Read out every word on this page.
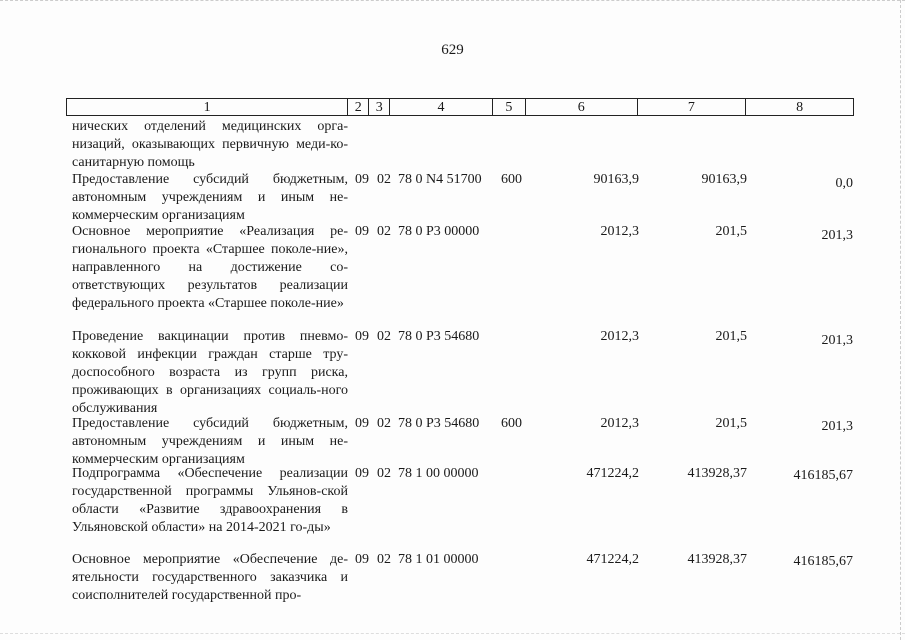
629
1	2 3	4	5	6	7	8
нических отделений медицинских орга-низаций, оказывающих первичную меди-ко-санитарную помощь
Предоставление субсидий бюджетным, автономным учреждениям и иным не-коммерческим организациям
09 02 78 0 N4 51700 600	90163,9	90163,9	0,0
Основное мероприятие «Реализация ре-гионального проекта «Старшее поколе-ние», направленного на достижение со-ответствующих результатов реализации федерального проекта «Старшее поколе-ние»
09 02 78 0 P3 00000	2012,3	201,5	201,3
Проведение вакцинации против пневмо-кокковой инфекции граждан старше тру-доспособного возраста из групп риска, проживающих в организациях социаль-ного обслуживания
09 02 78 0 P3 54680	2012,3	201,5	201,3
Предоставление субсидий бюджетным, автономным учреждениям и иным не-коммерческим организациям
09 02 78 0 P3 54680 600	2012,3	201,5	201,3
Подпрограмма «Обеспечение реализации государственной программы Ульянов-ской области «Развитие здравоохранения в Ульяновской области» на 2014-2021 го-ды»
09 02 78 1 00 00000	471224,2	413928,37	416185,67
Основное мероприятие «Обеспечение де-ятельности государственного заказчика и соисполнителей государственной про-
09 02 78 1 01 00000	471224,2	413928,37	416185,67
